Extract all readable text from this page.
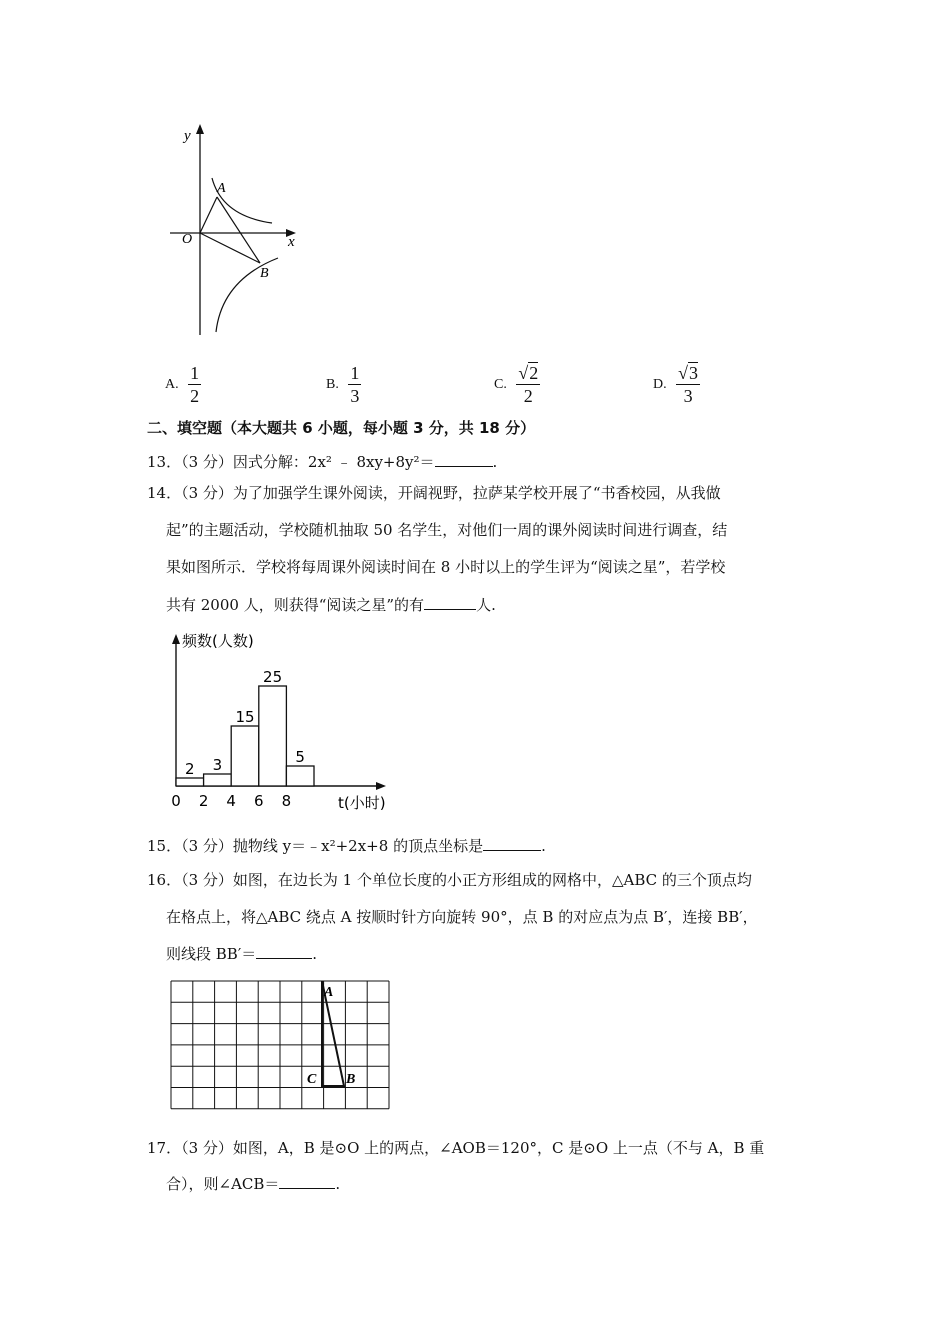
y
x
O
A
B
A. $\frac{1}{2}$	B. $\frac{1}{3}$	C. $\frac{√2}{2}$	D. $\frac{√3}{3}$
二、填空题（本大题共 6 小题，每小题 3 分，共 18 分）
13．（3 分）因式分解：2x² ﹣ 8xy+8y²＝	.
14．（3 分）为了加强学生课外阅读，开阔视野，拉萨某学校开展了“书香校园，从我做
起”的主题活动，学校随机抽取 50 名学生，对他们一周的课外阅读时间进行调查，结
果如图所示．学校将每周课外阅读时间在 8 小时以上的学生评为“阅读之星”，若学校
共有 2000 人，则获得“阅读之星”的有	人.
频数(人数)
t(小时)
2 3
15
25
5
0 2 4 6 8
15．（3 分）抛物线 y＝﹣x²+2x+8 的顶点坐标是	.
16．（3 分）如图，在边长为 1 个单位长度的小正方形组成的网格中，△ABC 的三个顶点均
在格点上，将△ABC 绕点 A 按顺时针方向旋转 90°，点 B 的对应点为点 B′，连接 BB′，
则线段 BB′＝	.
A
B
C
17．（3 分）如图，A，B 是⊙O 上的两点，∠AOB＝120°，C 是⊙O 上一点（不与 A，B 重
合），则∠ACB＝	.
